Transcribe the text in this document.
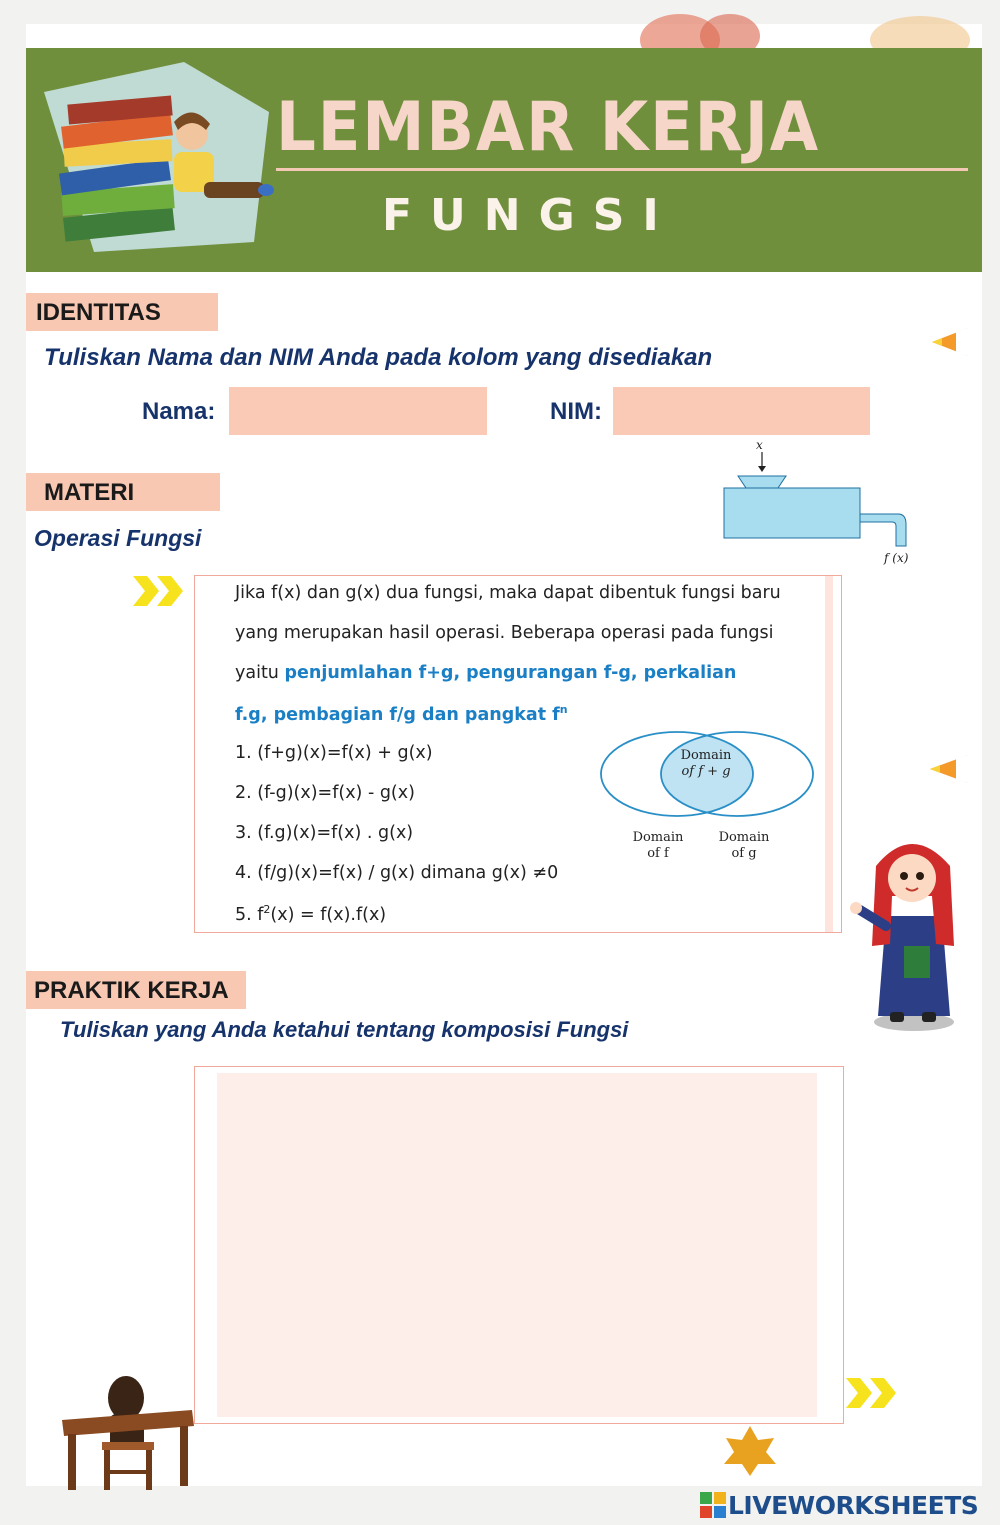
LEMBAR KERJA
FUNGSI
IDENTITAS
Tuliskan Nama dan NIM Anda pada kolom yang disediakan
Nama:	NIM:
MATERI
Operasi Fungsi
x
f (x)
Jika f(x) dan g(x) dua fungsi, maka dapat dibentuk fungsi baru
yang merupakan hasil operasi. Beberapa operasi pada fungsi
yaitu penjumlahan f+g, pengurangan f-g, perkalian
f.g, pembagian f/g dan pangkat $f^n$
1. (f+g)(x)=f(x) + g(x)
2. (f-g)(x)=f(x) - g(x)
3. (f.g)(x)=f(x) . g(x)
4. (f/g)(x)=f(x) / g(x) dimana g(x) ≠0
5. $f^2(x) = f(x).f(x)$
Domain
of f + g
Domain
of f
Domain
of g
PRAKTIK KERJA
Tuliskan yang Anda ketahui tentang komposisi Fungsi
LIVEWORKSHEETS
